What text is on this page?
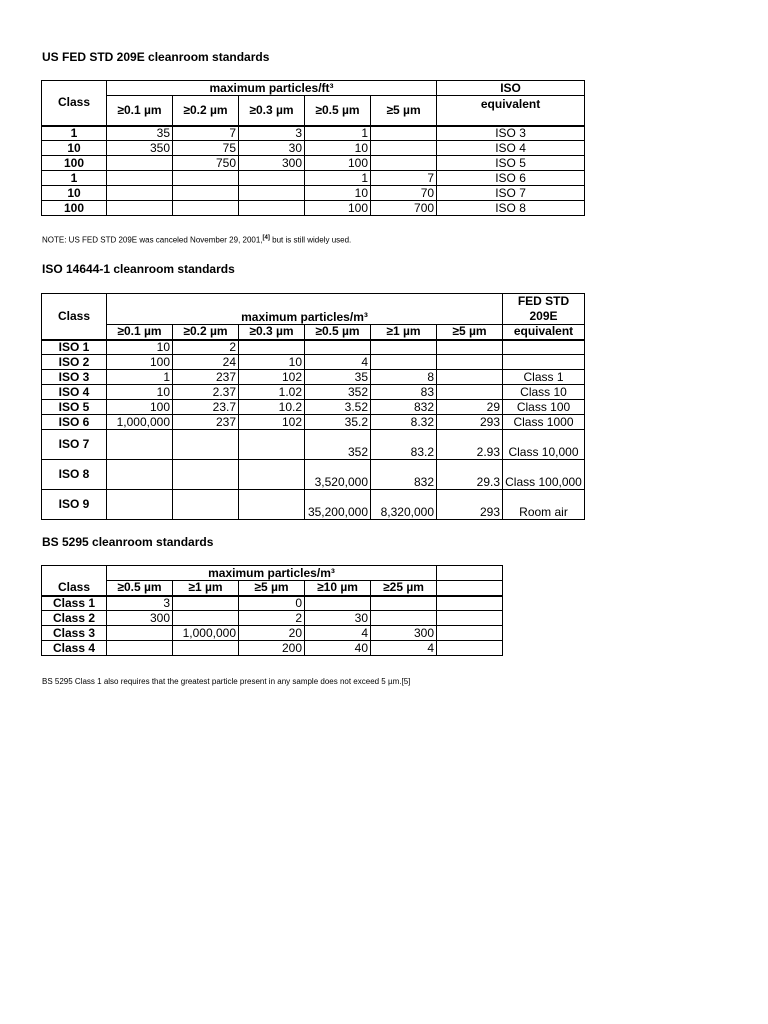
US FED STD 209E cleanroom standards
Class	maximum particles/ft³					ISO
	≥0.1 µm	≥0.2 µm	≥0.3 µm	≥0.5 µm	≥5 µm	equivalent
1	35	7	3	1		ISO 3
10	350	75	30	10		ISO 4
100		750	300	100		ISO 5
1				1	7	ISO 6
10				10	70	ISO 7
100				100	700	ISO 8
NOTE: US FED STD 209E was canceled November 29, 2001,[4] but is still widely used.
ISO 14644-1 cleanroom standards
Class	maximum particles/m³						FED STD 209E
	≥0.1 µm	≥0.2 µm	≥0.3 µm	≥0.5 µm	≥1 µm	≥5 µm	equivalent
ISO 1	10	2					
ISO 2	100	24	10	4			
ISO 3	1	237	102	35	8		Class 1
ISO 4	10	2.37	1.02	352	83		Class 10
ISO 5	100	23.7	10.2	3.52	832	29	Class 100
ISO 6	1,000,000	237	102	35.2	8.32	293	Class 1000
ISO 7				352	83.2	2.93	Class 10,000
ISO 8				3,520,000	832	29.3	Class 100,000
ISO 9				35,200,000	8,320,000	293	Room air
BS 5295 cleanroom standards
	maximum particles/m³					
Class	≥0.5 µm	≥1 µm	≥5 µm	≥10 µm	≥25 µm	
Class 1	3		0			
Class 2	300		2	30		
Class 3		1,000,000	20	4	300	
Class 4			200	40	4	
BS 5295 Class 1 also requires that the greatest particle present in any sample does not exceed 5 µm.[5]
